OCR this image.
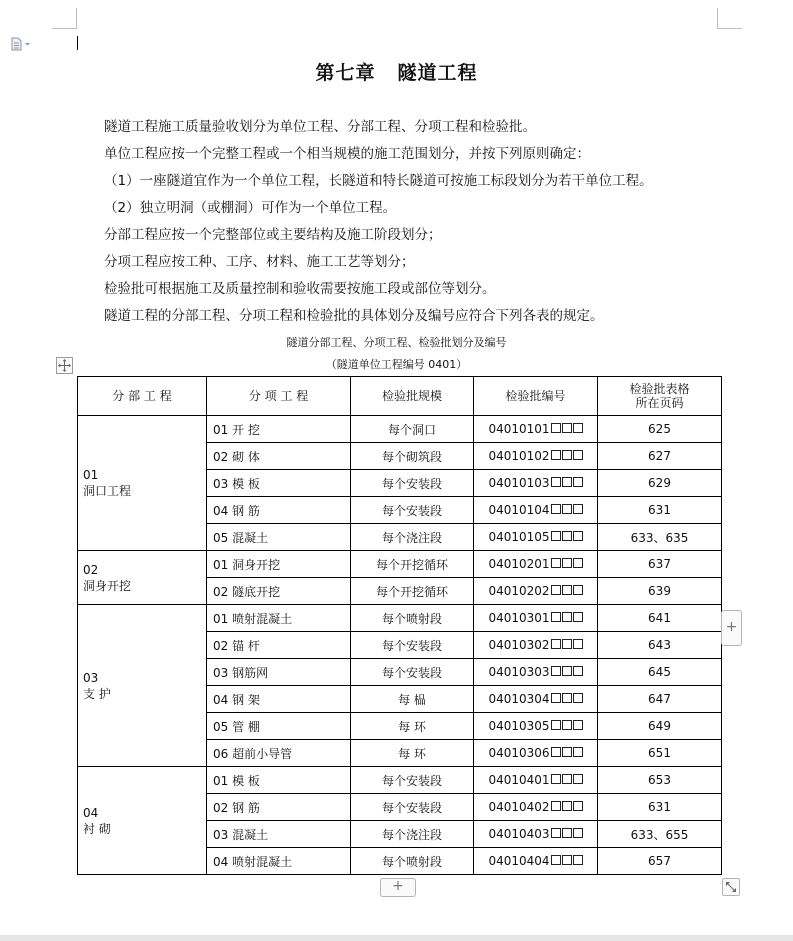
第七章 隧道工程
隧道工程施工质量验收划分为单位工程、分部工程、分项工程和检验批。
单位工程应按一个完整工程或一个相当规模的施工范围划分，并按下列原则确定：
（1）一座隧道宜作为一个单位工程，长隧道和特长隧道可按施工标段划分为若干单位工程。
（2）独立明洞（或棚洞）可作为一个单位工程。
分部工程应按一个完整部位或主要结构及施工阶段划分；
分项工程应按工种、工序、材料、施工工艺等划分；
检验批可根据施工及质量控制和验收需要按施工段或部位等划分。
隧道工程的分部工程、分项工程和检验批的具体划分及编号应符合下列各表的规定。
隧道分部工程、分项工程、检验批划分及编号
（隧道单位工程编号 0401）
分 部 工 程	分 项 工 程	检验批规模	检验批编号	检验批表格
所在页码
01
洞口工程	01 开 挖	每个洞口	04010101	625
	02 砌 体	每个砌筑段	04010102	627
	03 模 板	每个安装段	04010103	629
	04 钢 筋	每个安装段	04010104	631
	05 混凝土	每个浇注段	04010105	633、635
02
洞身开挖	01 洞身开挖	每个开挖循环	04010201	637
	02 隧底开挖	每个开挖循环	04010202	639
03
支 护	01 喷射混凝土	每个喷射段	04010301	641
	02 锚 杆	每个安装段	04010302	643
	03 钢筋网	每个安装段	04010303	645
	04 钢 架	每 榀	04010304	647
	05 管 棚	每 环	04010305	649
	06 超前小导管	每 环	04010306	651
04
衬 砌	01 模 板	每个安装段	04010401	653
	02 钢 筋	每个安装段	04010402	631
	03 混凝土	每个浇注段	04010403	633、655
	04 喷射混凝土	每个喷射段	04010404	657
+
+
